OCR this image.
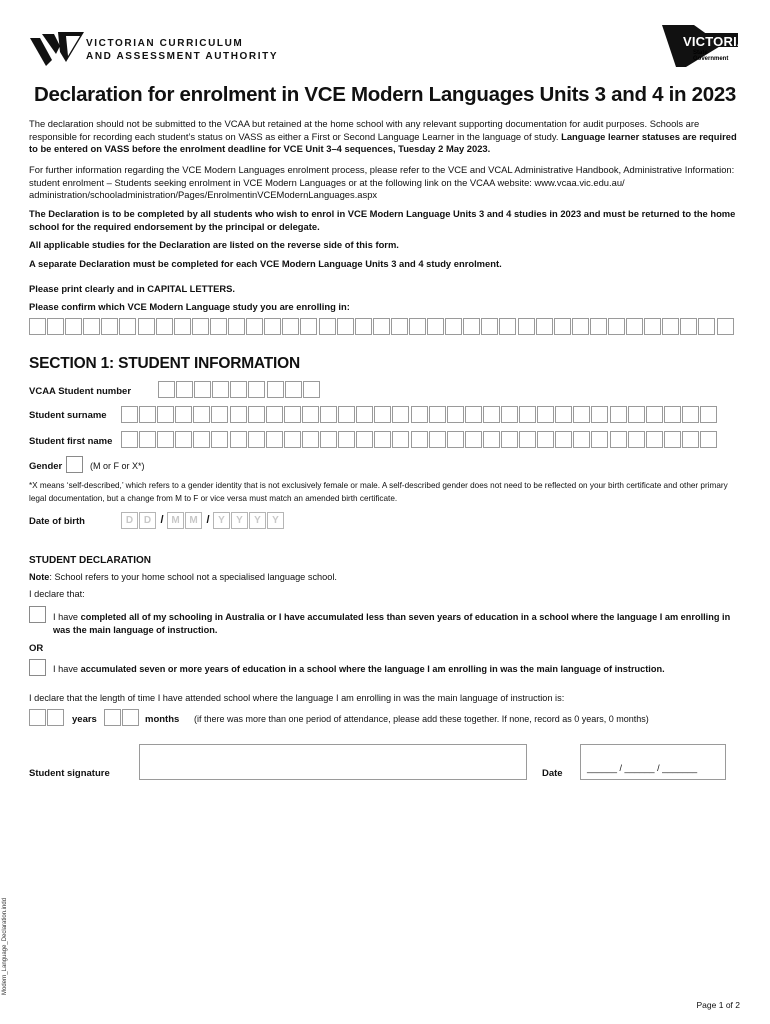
VICTORIAN CURRICULUM
AND ASSESSMENT AUTHORITY
VICTORIA
State
Government
Declaration for enrolment in VCE Modern Languages Units 3 and 4 in 2023
The declaration should not be submitted to the VCAA but retained at the home school with any relevant supporting documentation for audit purposes. Schools are responsible for recording each student’s status on VASS as either a First or Second Language Learner in the language of study. Language learner statuses are required to be entered on VASS before the enrolment deadline for VCE Unit 3–4 sequences, Tuesday 2 May 2023.
For further information regarding the VCE Modern Languages enrolment process, please refer to the VCE and VCAL Administrative Handbook, Administrative Information: student enrolment – Students seeking enrolment in VCE Modern Languages or at the following link on the VCAA website: www.vcaa.vic.edu.au/ administration/schooladministration/Pages/EnrolmentinVCEModernLanguages.aspx
The Declaration is to be completed by all students who wish to enrol in VCE Modern Language Units 3 and 4 studies in 2023 and must be returned to the home school for the required endorsement by the principal or delegate.
All applicable studies for the Declaration are listed on the reverse side of this form.
A separate Declaration must be completed for each VCE Modern Language Units 3 and 4 study enrolment.
Please print clearly and in CAPITAL LETTERS.
Please confirm which VCE Modern Language study you are enrolling in:
SECTION 1: STUDENT INFORMATION
VCAA Student number
Student surname
Student first name
Gender	(M or F or X*)
*X means ‘self-described,’ which refers to a gender identity that is not exclusively female or male. A self-described gender does not need to be reflected on your birth certificate and other primary legal documentation, but a change from M to F or vice versa must match an amended birth certificate.
Date of birth	D	D / M M / Y	Y	Y	Y
STUDENT DECLARATION
Note: School refers to your home school not a specialised language school.
I declare that:
I have completed all of my schooling in Australia or I have accumulated less than seven years of education in a school where the language I am enrolling in was the main language of instruction.
OR
I have accumulated seven or more years of education in a school where the language I am enrolling in was the main language of instruction.
I declare that the length of time I have attended school where the language I am enrolling in was the main language of instruction is:
years	months (if there was more than one period of attendance, please add these together. If none, record as 0 years, 0 months)
Student signature	Date	______ / ______ / _______
Modern_Language_Declaration.indd
Page 1 of 2
